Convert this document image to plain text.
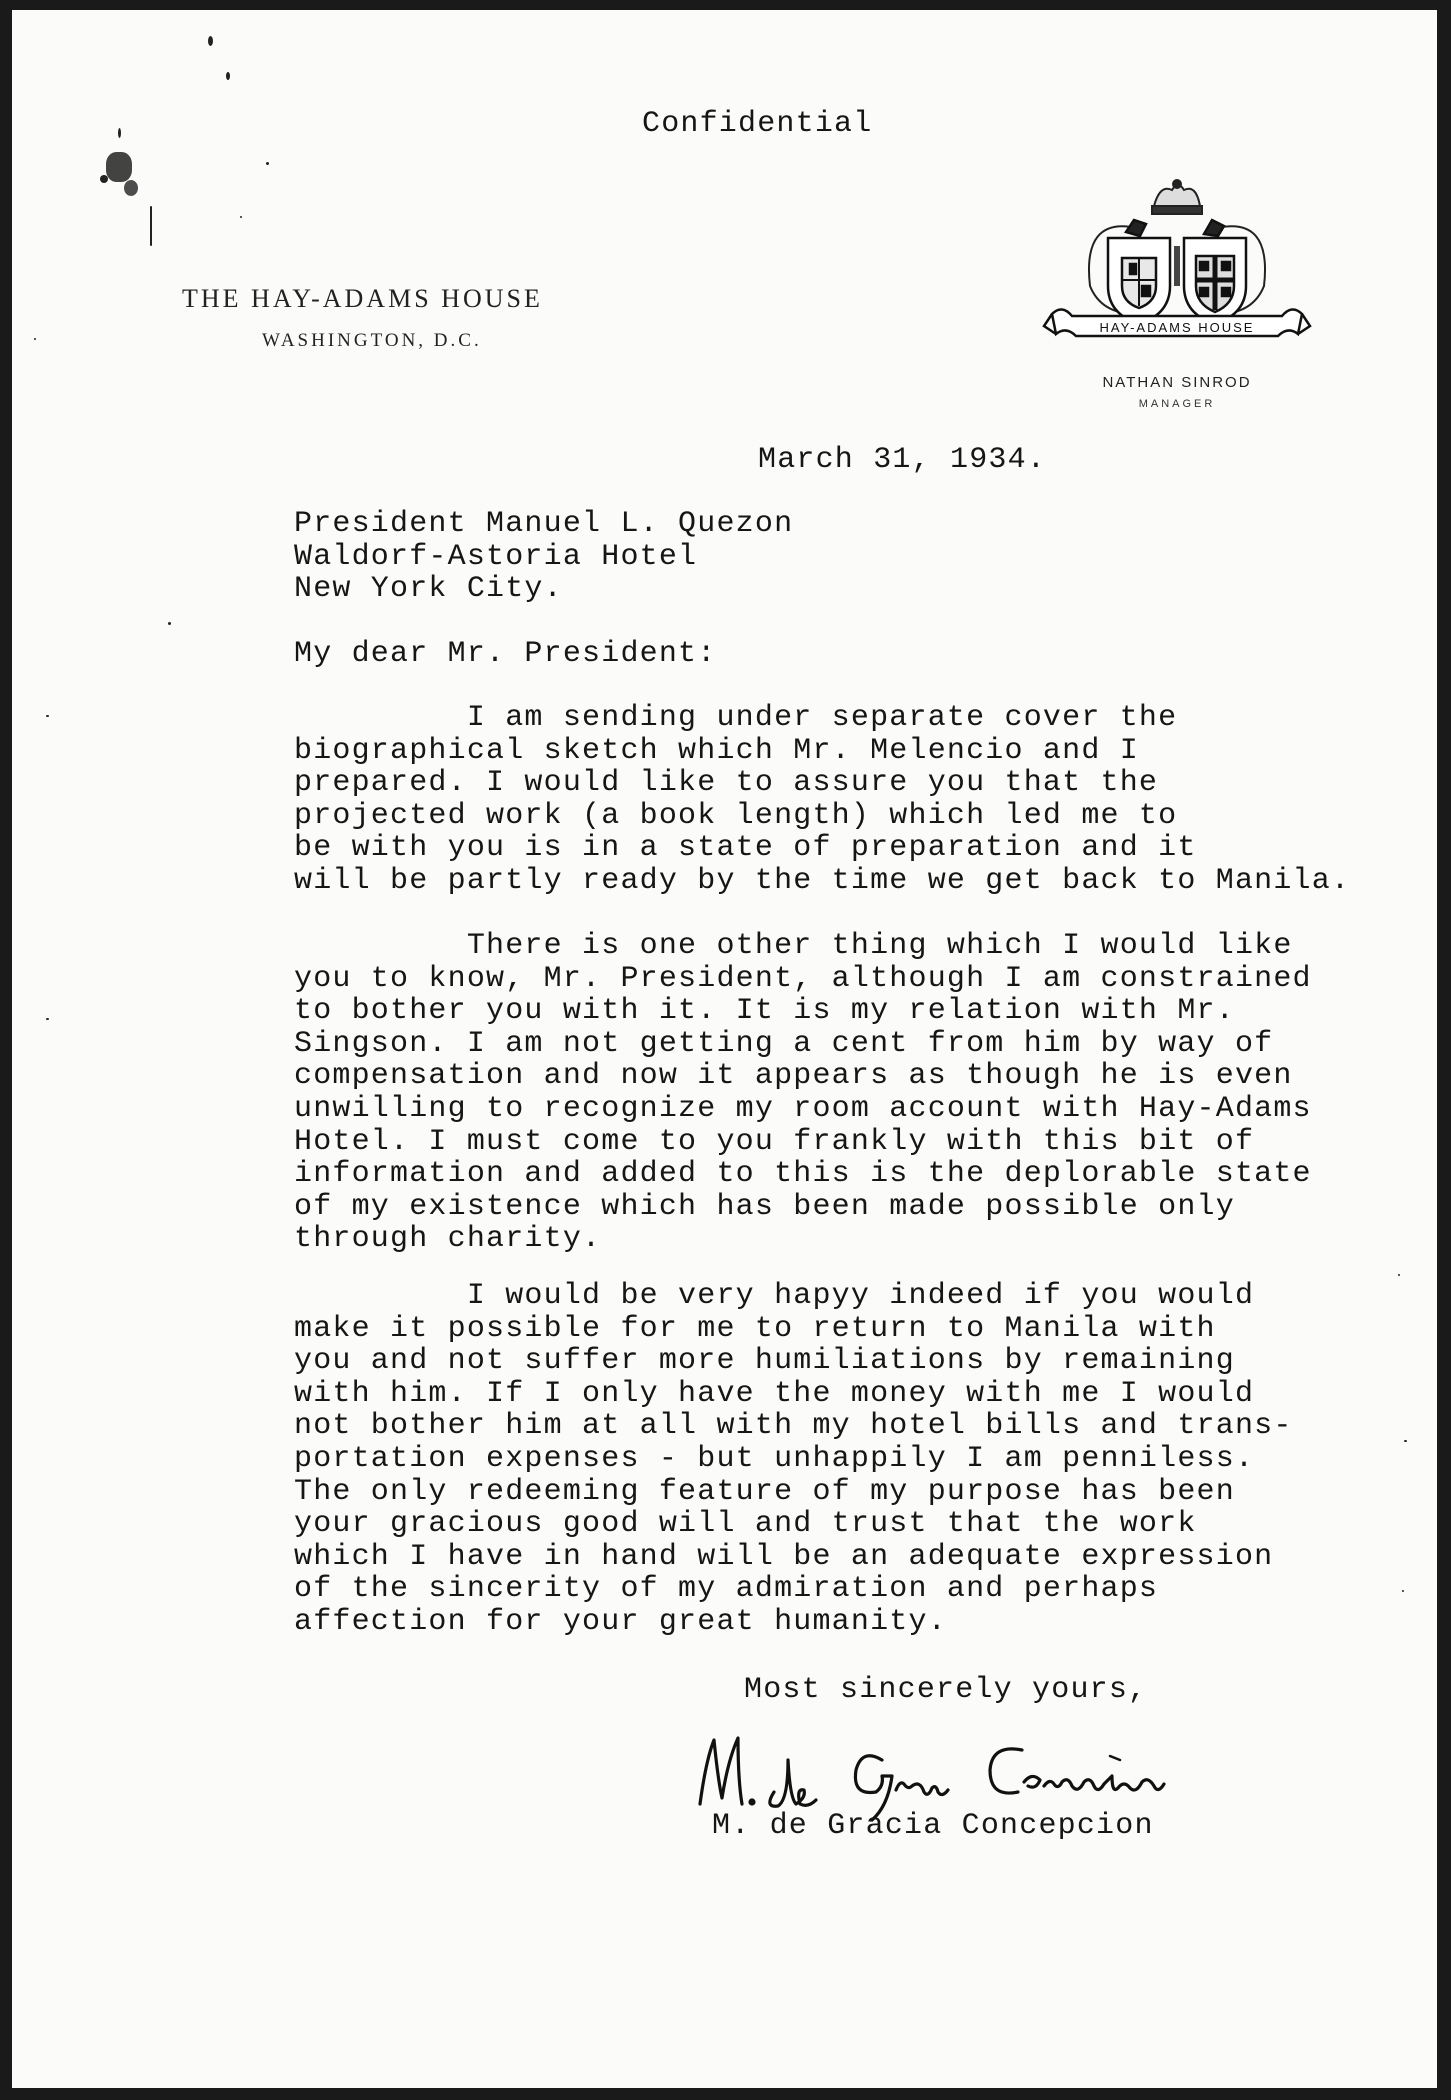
Confidential
THE HAY-ADAMS HOUSE
WASHINGTON, D.C.
HAY-ADAMS HOUSE
NATHAN SINROD
MANAGER
March 31, 1934.
President Manuel L. Quezon
Waldorf-Astoria Hotel
New York City.
My dear Mr. President:
I am sending under separate cover the
biographical sketch which Mr. Melencio and I
prepared. I would like to assure you that the
projected work (a book length) which led me to
be with you is in a state of preparation and it
will be partly ready by the time we get back to Manila.
There is one other thing which I would like
you to know, Mr. President, although I am constrained
to bother you with it. It is my relation with Mr.
Singson. I am not getting a cent from him by way of
compensation and now it appears as though he is even
unwilling to recognize my room account with Hay-Adams
Hotel. I must come to you frankly with this bit of
information and added to this is the deplorable state
of my existence which has been made possible only
through charity.
I would be very hapyy indeed if you would
make it possible for me to return to Manila with
you and not suffer more humiliations by remaining
with him. If I only have the money with me I would
not bother him at all with my hotel bills and trans-
portation expenses - but unhappily I am penniless.
The only redeeming feature of my purpose has been
your gracious good will and trust that the work
which I have in hand will be an adequate expression
of the sincerity of my admiration and perhaps
affection for your great humanity.
Most sincerely yours,
M. de Gracia Concepcion
